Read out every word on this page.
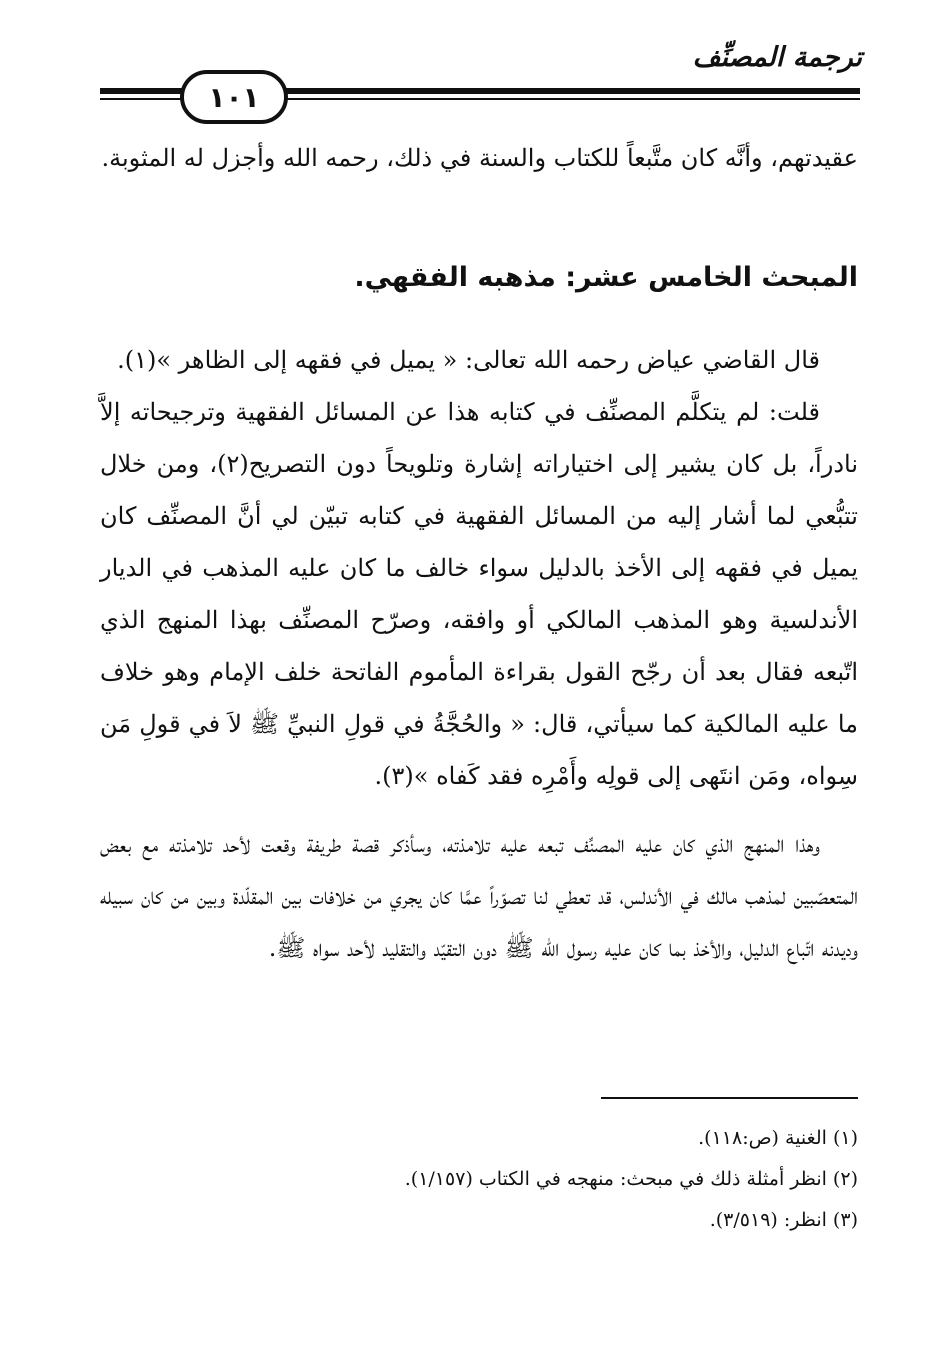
ترجمة المصنِّف
١٠١

عقيدتهم، وأنَّه كان متَّبعاً للكتاب والسنة في ذلك، رحمه الله وأجزل له المثوبة.

المبحث الخامس عشر: مذهبه الفقهي.

قال القاضي عياض رحمه الله تعالى: « يميل في فقهه إلى الظاهر »(١).

قلت: لم يتكلَّم المصنِّف في كتابه هذا عن المسائل الفقهية وترجيحاته إلاَّ نادراً، بل كان يشير إلى اختياراته إشارة وتلويحاً دون التصريح(٢)، ومن خلال تتبُّعي لما أشار إليه من المسائل الفقهية في كتابه تبيّن لي أنَّ المصنِّف كان يميل في فقهه إلى الأخذ بالدليل سواء خالف ما كان عليه المذهب في الديار الأندلسية وهو المذهب المالكي أو وافقه، وصرّح المصنِّف بهذا المنهج الذي اتّبعه فقال بعد أن رجّح القول بقراءة المأموم الفاتحة خلف الإمام وهو خلاف ما عليه المالكية كما سيأتي، قال: « والحُجَّةُ في قولِ النبيِّ ﷺ لاَ في قولِ مَن سِواه، ومَن انتَهى إلى قولِه وأَمْرِه فقد كَفاه »(٣).

وهذا المنهج الذي كان عليه المصنِّف تبعه عليه تلامذته، وسأذكر قصة طريفة وقعت لأحد تلامذته مع بعض المتعصّبين لمذهب مالك في الأندلس، قد تعطي لنا تصوّراً عمَّا كان يجري من خلافات بين المقلّدة وبين من كان سبيله وديدنه اتّباع الدليل، والأخذ بما كان عليه رسول الله ﷺ دون التقيّد والتقليد لأحد سواه ﷺ.

(١) الغنية (ص:١١٨).
(٢) انظر أمثلة ذلك في مبحث: منهجه في الكتاب (١/١٥٧).
(٣) انظر: (٣/٥١٩).
